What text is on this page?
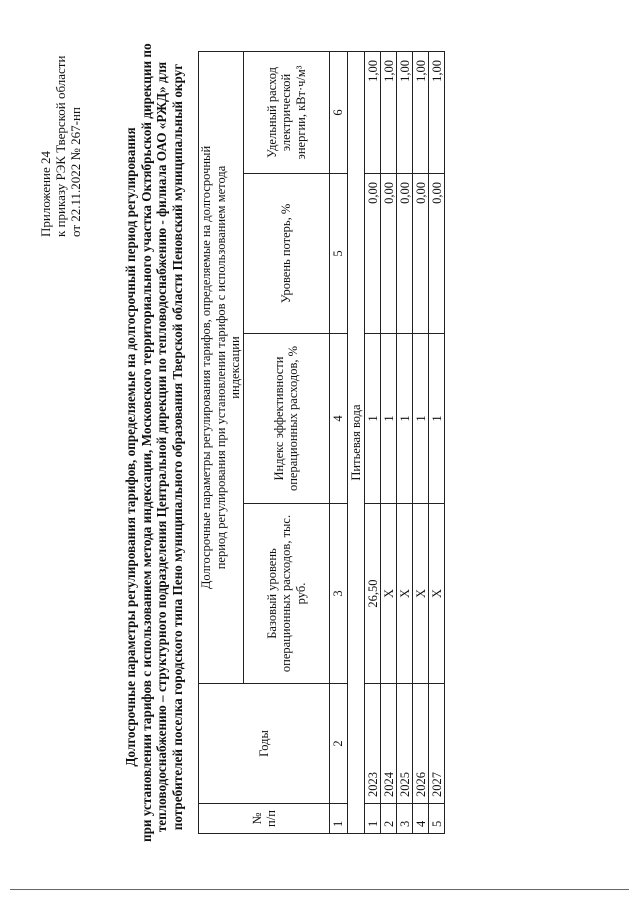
Приложение 24 к приказу РЭК Тверской области от 22.11.2022 № 267-нп	Долгосрочные параметры регулирования тарифов, определяемые на долгосрочный период регулирования при установлении тарифов с использованием метода индексации, Московского территориального участка Октябрьской дирекции по тепловодоснабжению – структурного подразделения Центральной дирекции по тепловодоснабжению - филиала ОАО «РЖД» для потребителей поселка городского типа Пено муниципального образования Тверской области Пеновский муниципальный округ	№ п/п	Годы	Долгосрочные параметры регулирования тарифов, определяемые на долгосрочный период регулирования при установлении тарифов с использованием метода индексации			
		Базовый уровень операционных расходов, тыс. руб.	Индекс эффективности операционных расходов, %	Уровень потерь, %	Удельный расход электрической энергии, кВт·ч/м³
1	2	3	4	5	6
Питьевая вода					
1	2023	26,50	1	0,00	1,00
2	2024	X	1	0,00	1,00
3	2025	X	1	0,00	1,00
4	2026	X	1	0,00	1,00
5	2027	X	1	0,00	1,00
